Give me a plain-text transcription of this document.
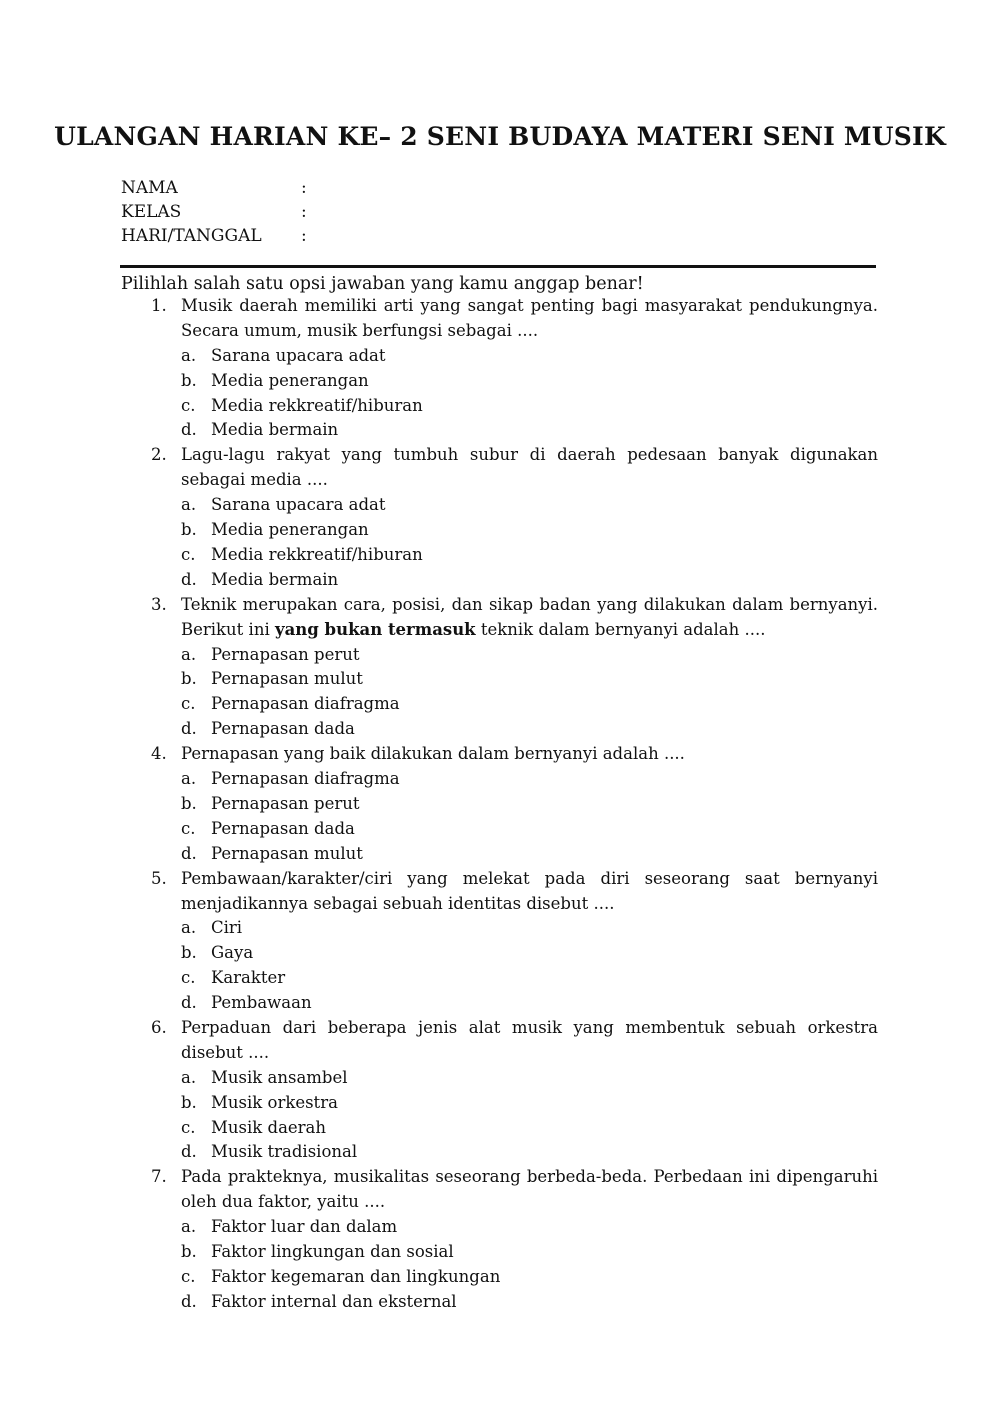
ULANGAN HARIAN KE– 2 SENI BUDAYA MATERI SENI MUSIK
NAMA	:
KELAS	:
HARI/TANGGAL :
Pilihlah salah satu opsi jawaban yang kamu anggap benar!
1. Musik daerah memiliki arti yang sangat penting bagi masyarakat pendukungnya. Secara umum, musik berfungsi sebagai ....
a. Sarana upacara adat
b. Media penerangan
c. Media rekkreatif/hiburan
d. Media bermain
2. Lagu-lagu rakyat yang tumbuh subur di daerah pedesaan banyak digunakan sebagai media ....
a. Sarana upacara adat
b. Media penerangan
c. Media rekkreatif/hiburan
d. Media bermain
3. Teknik merupakan cara, posisi, dan sikap badan yang dilakukan dalam bernyanyi. Berikut ini yang bukan termasuk teknik dalam bernyanyi adalah ....
a. Pernapasan perut
b. Pernapasan mulut
c. Pernapasan diafragma
d. Pernapasan dada
4. Pernapasan yang baik dilakukan dalam bernyanyi adalah ....
a. Pernapasan diafragma
b. Pernapasan perut
c. Pernapasan dada
d. Pernapasan mulut
5. Pembawaan/karakter/ciri yang melekat pada diri seseorang saat bernyanyi menjadikannya sebagai sebuah identitas disebut ....
a. Ciri
b. Gaya
c. Karakter
d. Pembawaan
6. Perpaduan dari beberapa jenis alat musik yang membentuk sebuah orkestra disebut ....
a. Musik ansambel
b. Musik orkestra
c. Musik daerah
d. Musik tradisional
7. Pada prakteknya, musikalitas seseorang berbeda-beda. Perbedaan ini dipengaruhi oleh dua faktor, yaitu ....
a. Faktor luar dan dalam
b. Faktor lingkungan dan sosial
c. Faktor kegemaran dan lingkungan
d. Faktor internal dan eksternal
